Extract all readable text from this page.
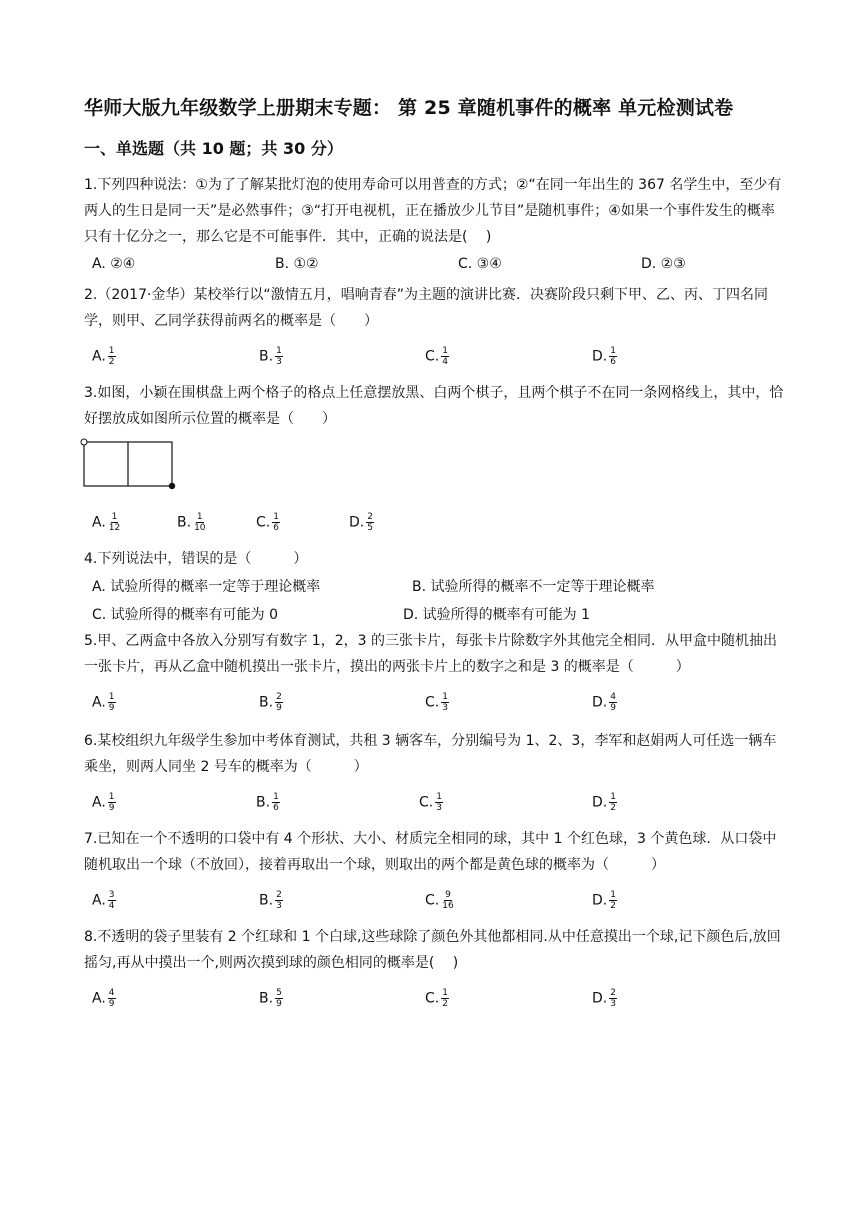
华师大版九年级数学上册期末专题： 第 25 章随机事件的概率 单元检测试卷
一、单选题（共 10 题；共 30 分）
1.下列四种说法：①为了了解某批灯泡的使用寿命可以用普查的方式；②“在同一年出生的 367 名学生中，至少有两人的生日是同一天”是必然事件；③“打开电视机，正在播放少儿节目”是随机事件；④如果一个事件发生的概率只有十亿分之一，那么它是不可能事件．其中，正确的说法是(　 )
A. ②④	B. ①②	C. ③④	D. ②③
2.（2017·金华）某校举行以“激情五月，唱响青春”为主题的演讲比赛．决赛阶段只剩下甲、乙、丙、丁四名同学，则甲、乙同学获得前两名的概率是（　　）
A. $\frac{1}{2}$	B. $\frac{1}{3}$	C. $\frac{1}{4}$	D. $\frac{1}{6}$
3.如图，小颖在围棋盘上两个格子的格点上任意摆放黑、白两个棋子，且两个棋子不在同一条网格线上，其中，恰好摆放成如图所示位置的概率是（　　）
A. $\frac{1}{12}$	B. $\frac{1}{10}$	C. $\frac{1}{6}$	D. $\frac{2}{5}$
4.下列说法中，错误的是（　　　）
A. 试验所得的概率一定等于理论概率	B. 试验所得的概率不一定等于理论概率
C. 试验所得的概率有可能为 0	D. 试验所得的概率有可能为 1
5.甲、乙两盒中各放入分别写有数字 1，2，3 的三张卡片，每张卡片除数字外其他完全相同．从甲盒中随机抽出一张卡片，再从乙盒中随机摸出一张卡片，摸出的两张卡片上的数字之和是 3 的概率是（　　　）
A. $\frac{1}{9}$	B. $\frac{2}{9}$	C. $\frac{1}{3}$	D. $\frac{4}{9}$
6.某校组织九年级学生参加中考体育测试，共租 3 辆客车，分别编号为 1、2、3，李军和赵娟两人可任选一辆车乘坐，则两人同坐 2 号车的概率为（　　　）
A. $\frac{1}{9}$	B. $\frac{1}{6}$	C. $\frac{1}{3}$	D. $\frac{1}{2}$
7.已知在一个不透明的口袋中有 4 个形状、大小、材质完全相同的球，其中 1 个红色球，3 个黄色球．从口袋中随机取出一个球（不放回），接着再取出一个球，则取出的两个都是黄色球的概率为（　　　）
A. $\frac{3}{4}$	B. $\frac{2}{3}$	C. $\frac{9}{16}$	D. $\frac{1}{2}$
8.不透明的袋子里装有 2 个红球和 1 个白球,这些球除了颜色外其他都相同.从中任意摸出一个球,记下颜色后,放回摇匀,再从中摸出一个,则两次摸到球的颜色相同的概率是(　 )
A. $\frac{4}{9}$	B. $\frac{5}{9}$	C. $\frac{1}{2}$	D. $\frac{2}{3}$
